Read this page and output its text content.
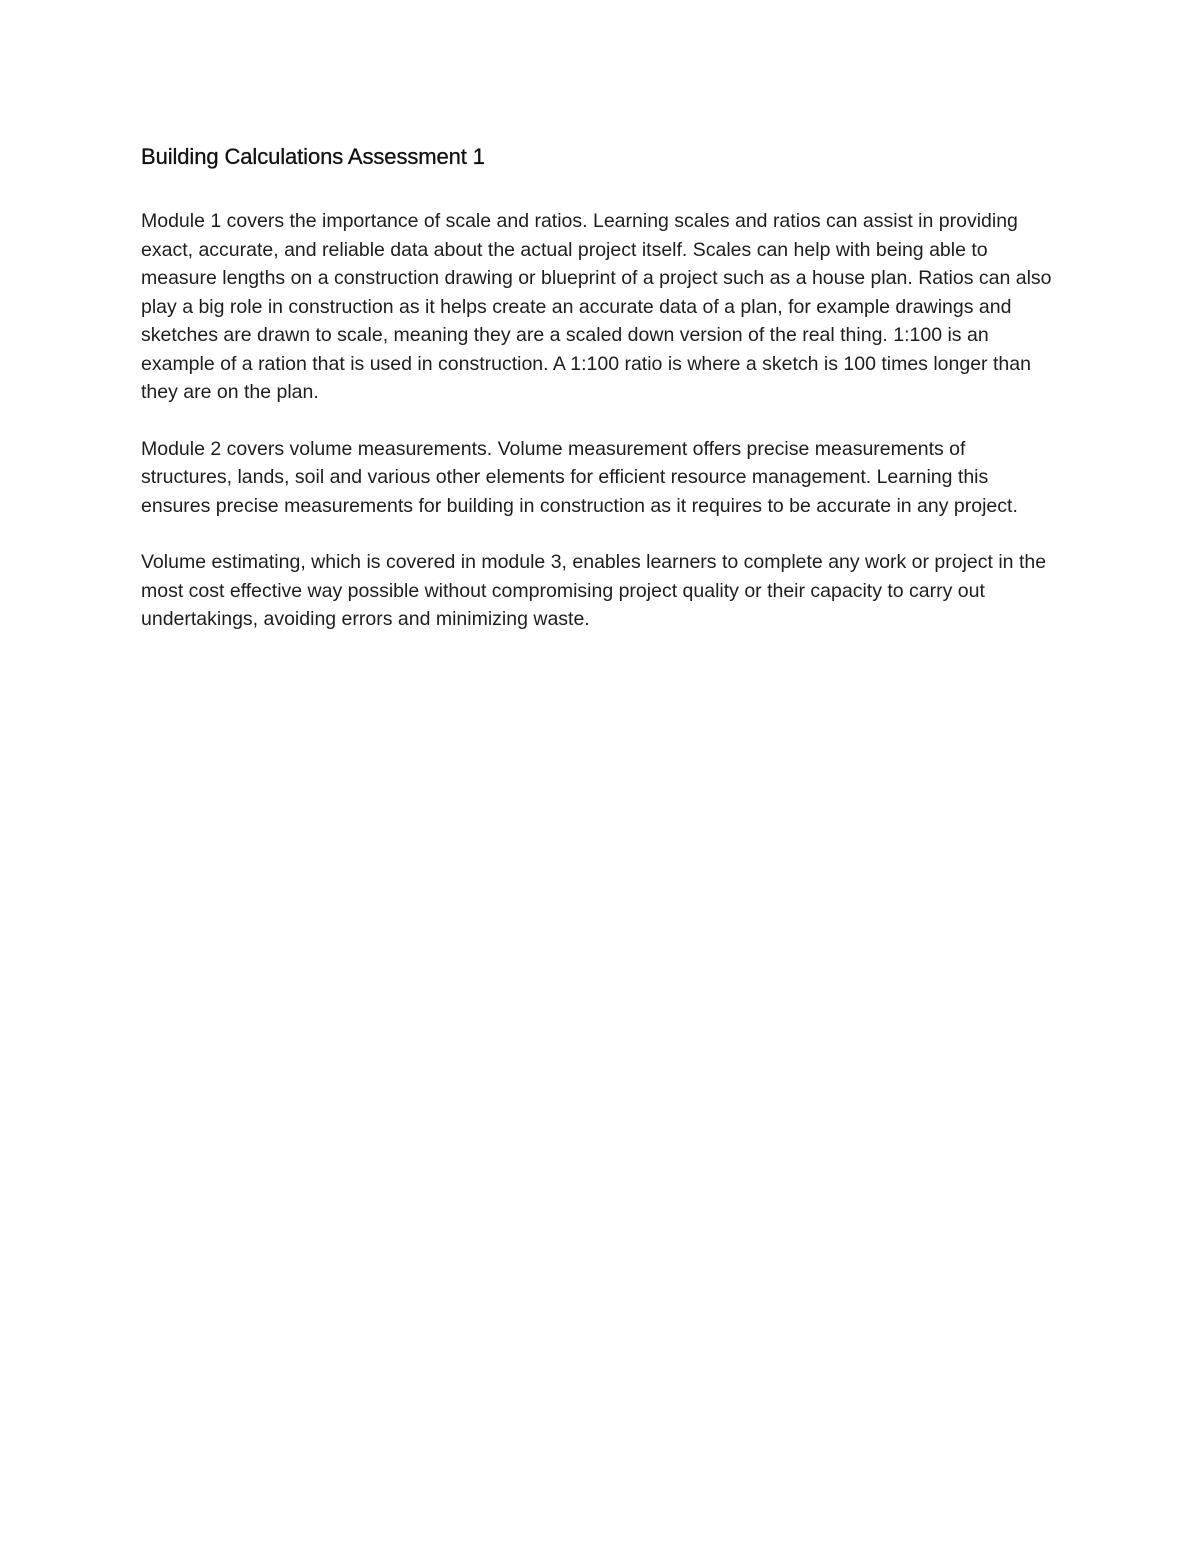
Building Calculations Assessment 1

Module 1 covers the importance of scale and ratios. Learning scales and ratios can assist in providing exact, accurate, and reliable data about the actual project itself. Scales can help with being able to measure lengths on a construction drawing or blueprint of a project such as a house plan. Ratios can also play a big role in construction as it helps create an accurate data of a plan, for example drawings and sketches are drawn to scale, meaning they are a scaled down version of the real thing. 1:100 is an example of a ration that is used in construction. A 1:100 ratio is where a sketch is 100 times longer than they are on the plan.

Module 2 covers volume measurements. Volume measurement offers precise measurements of structures, lands, soil and various other elements for efficient resource management. Learning this ensures precise measurements for building in construction as it requires to be accurate in any project.

Volume estimating, which is covered in module 3, enables learners to complete any work or project in the most cost effective way possible without compromising project quality or their capacity to carry out undertakings, avoiding errors and minimizing waste.
